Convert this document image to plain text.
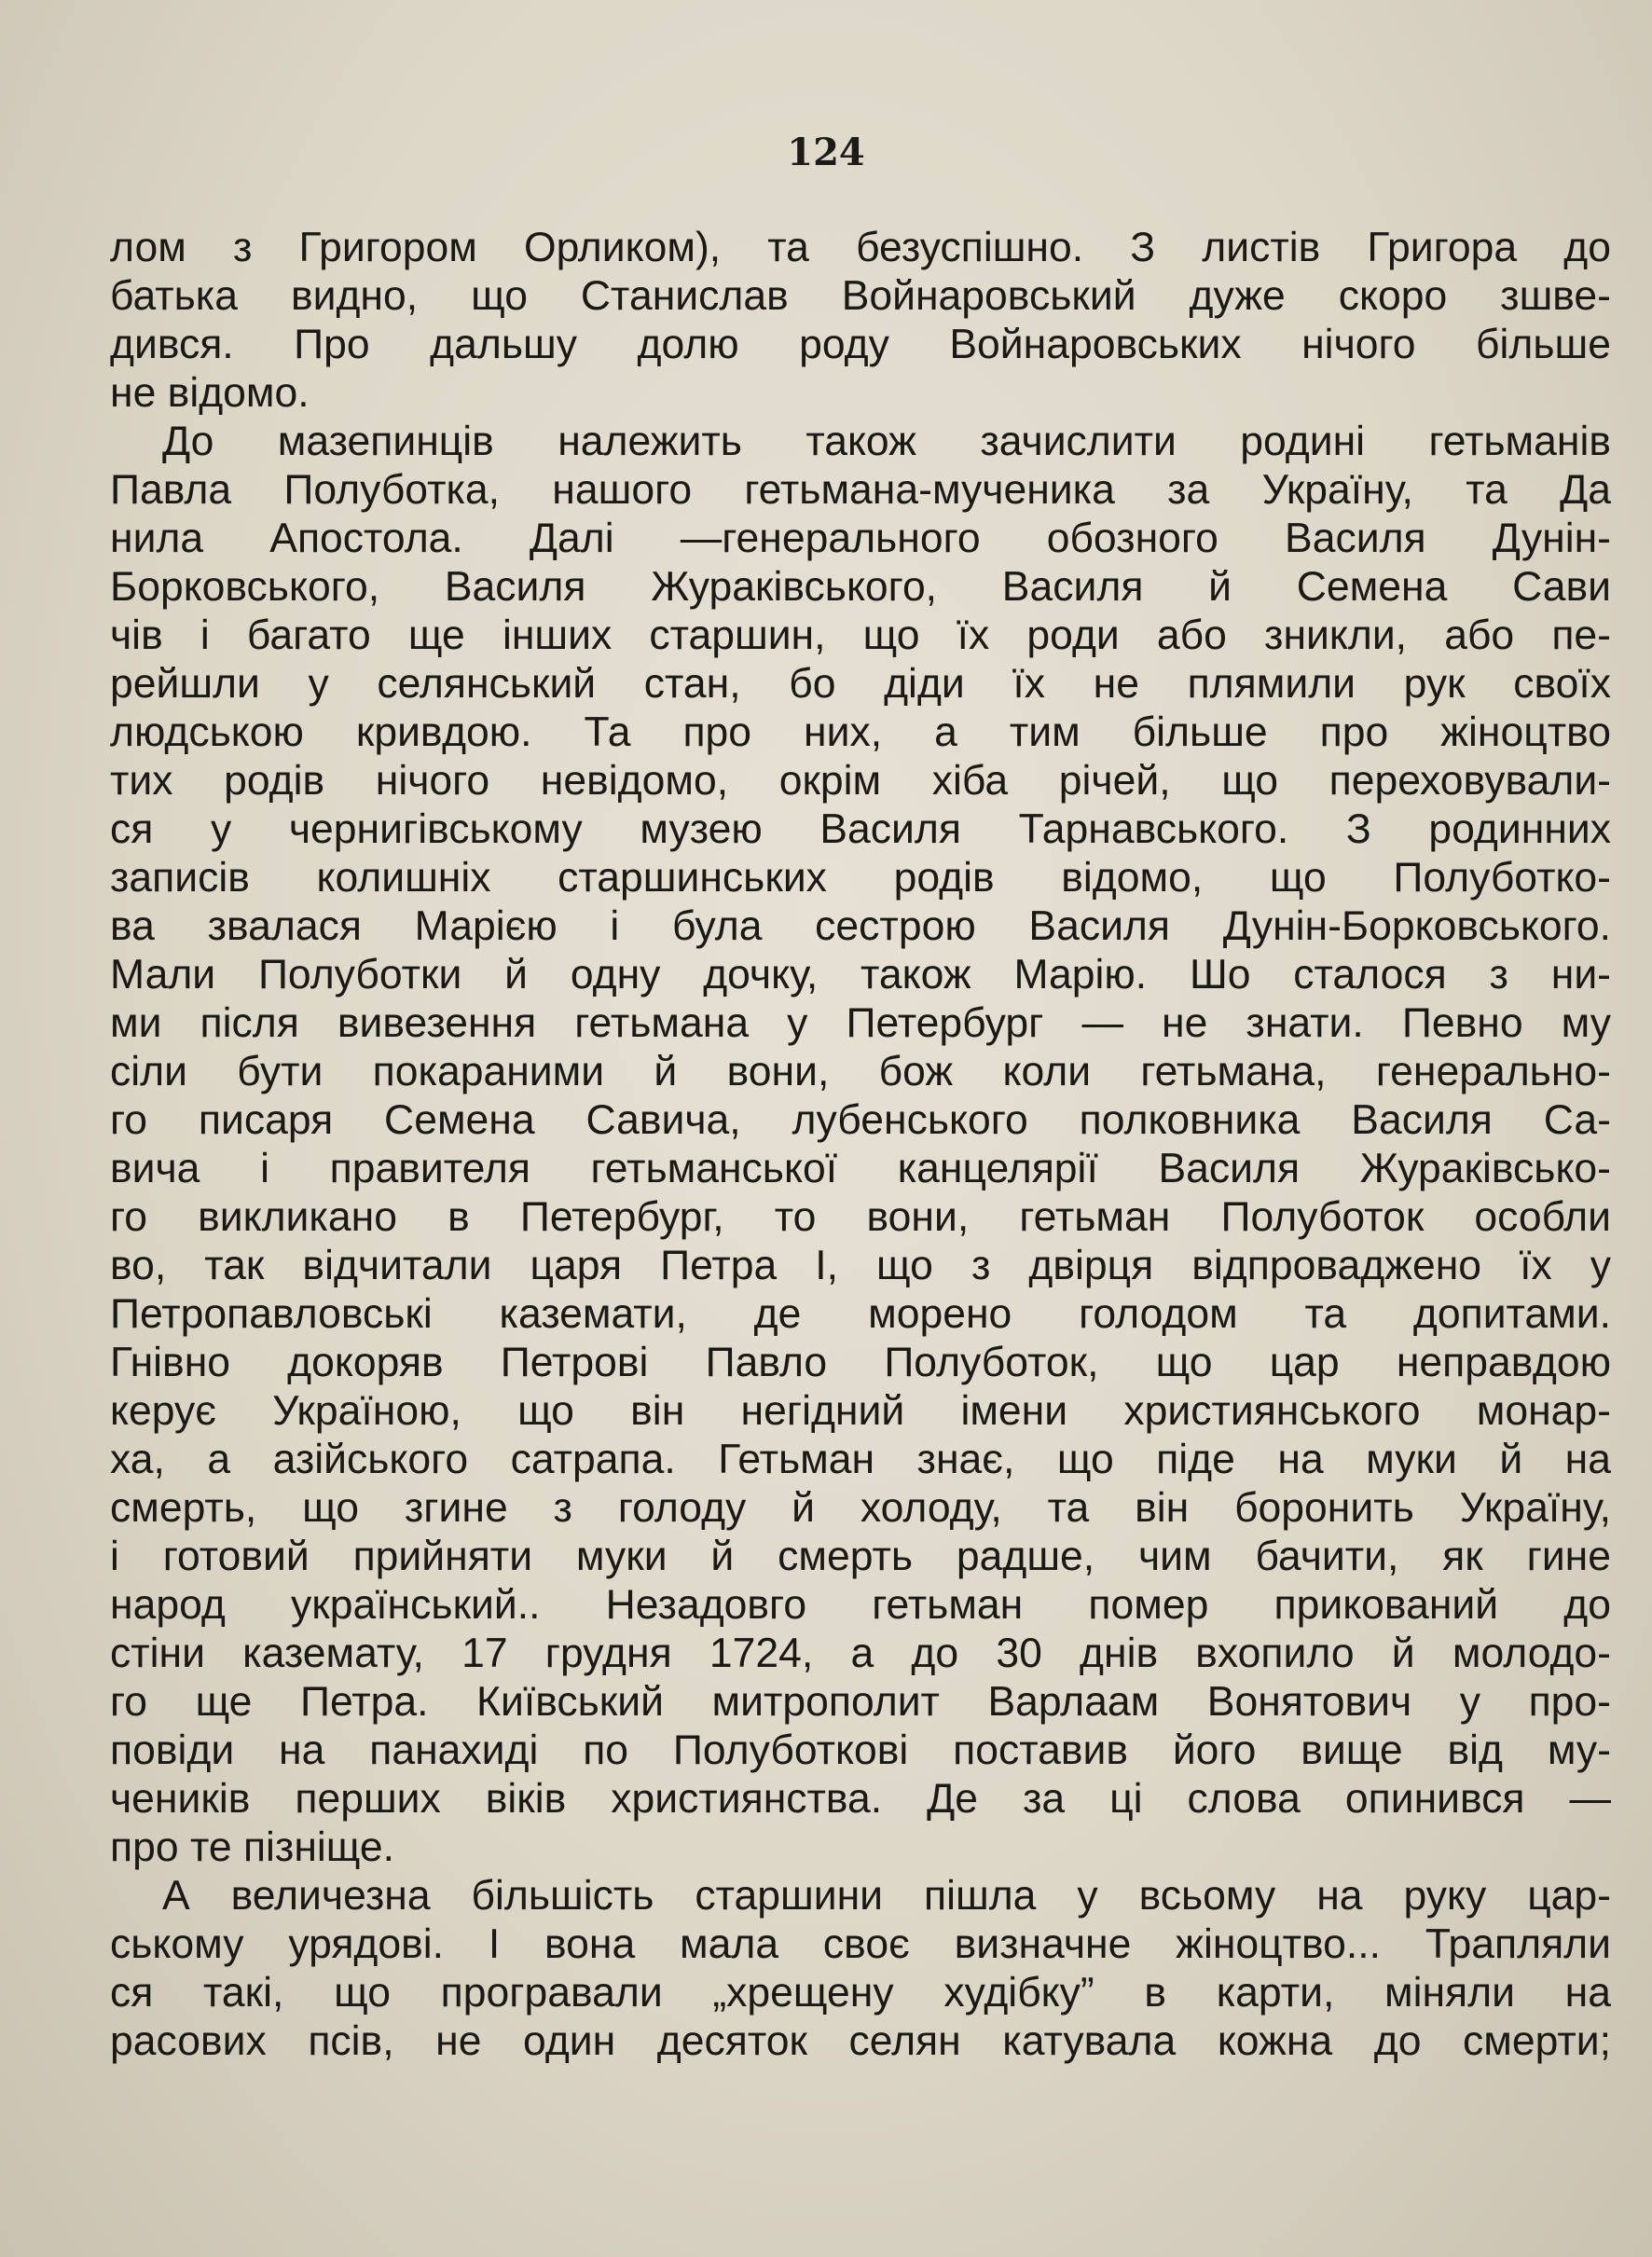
124
лом з Григором Орликом), та безуспішно. З листів Григора до
батька видно, що Станислав Войнаровський дуже скоро зшве-
дився. Про дальшу долю роду Войнаровських нічого більше
не відомо.
До мазепинців належить також зачислити родині гетьманів
Павла Полуботка, нашого гетьмана-мученика за Україну, та Да
нила Апостола. Далі —генерального обозного Василя Дунін-
Борковського, Василя Жураківського, Василя й Семена Сави
чів і багато ще інших старшин, що їх роди або зникли, або пе-
рейшли у селянський стан, бо діди їх не плямили рук своїх
людською кривдою. Та про них, а тим більше про жіноцтво
тих родів нічого невідомо, окрім хіба річей, що переховували-
ся у чернигівському музею Василя Тарнавського. З родинних
записів колишніх старшинських родів відомо, що Полуботко-
ва звалася Марією і була сестрою Василя Дунін-Борковського.
Мали Полуботки й одну дочку, також Марію. Шо сталося з ни-
ми після вивезення гетьмана у Петербург — не знати. Певно му
сіли бути покараними й вони, бож коли гетьмана, генерально-
го писаря Семена Савича, лубенського полковника Василя Са-
вича і правителя гетьманської канцелярії Василя Жураківсько-
го викликано в Петербург, то вони, гетьман Полуботок особли
во, так відчитали царя Петра І, що з двірця відпроваджено їх у
Петропавловські каземати, де морено голодом та допитами.
Гнівно докоряв Петрові Павло Полуботок, що цар неправдою
керує Україною, що він негідний імени християнського монар-
ха, а азійського сатрапа. Гетьман знає, що піде на муки й на
смерть, що згине з голоду й холоду, та він боронить Україну,
і готовий прийняти муки й смерть радше, чим бачити, як гине
народ український.. Незадовго гетьман помер прикований до
стіни каземату, 17 грудня 1724, а до 30 днів вхопило й молодо-
го ще Петра. Київський митрополит Варлаам Вонятович у про-
повіди на панахиді по Полуботкові поставив його вище від му-
чеників перших віків християнства. Де за ці слова опинився —
про те пізніще.
А величезна більшість старшини пішла у всьому на руку цар-
ському урядові. І вона мала своє визначне жіноцтво... Трапляли
ся такі, що програвали „хрещену худібку” в карти, міняли на
расових псів, не один десяток селян катувала кожна до смерти;
